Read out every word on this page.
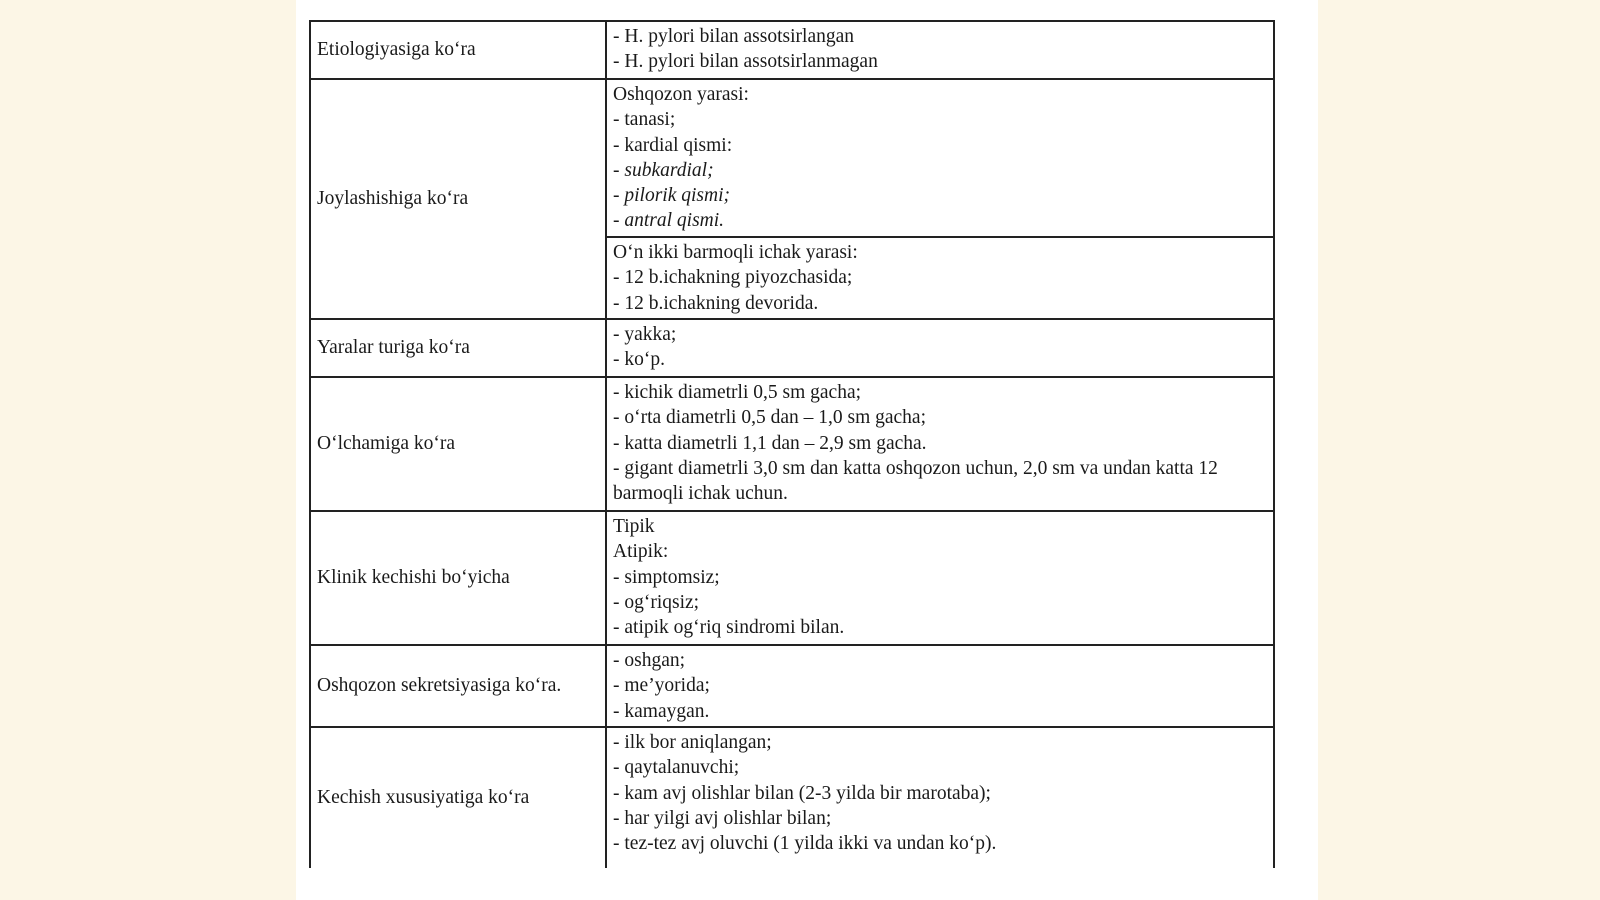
Etiologiyasiga ko‘ra
- H. pylori bilan assotsirlangan
- H. pylori bilan assotsirlanmagan
Joylashishiga ko‘ra
Oshqozon yarasi:
- tanasi;
- kardial qismi:
- subkardial;
- pilorik qismi;
- antral qismi.
O‘n ikki barmoqli ichak yarasi:
- 12 b.ichakning piyozchasida;
- 12 b.ichakning devorida.
Yaralar turiga ko‘ra
- yakka;
- ko‘p.
O‘lchamiga ko‘ra
- kichik diametrli 0,5 sm gacha;
- o‘rta diametrli 0,5 dan – 1,0 sm gacha;
- katta diametrli 1,1 dan – 2,9 sm gacha.
- gigant diametrli 3,0 sm dan katta oshqozon uchun, 2,0 sm va undan katta 12 barmoqli ichak uchun.
Klinik kechishi bo‘yicha
Tipik
Atipik:
- simptomsiz;
- og‘riqsiz;
- atipik og‘riq sindromi bilan.
Oshqozon sekretsiyasiga ko‘ra.
- oshgan;
- me’yorida;
- kamaygan.
Kechish xususiyatiga ko‘ra
- ilk bor aniqlangan;
- qaytalanuvchi;
- kam avj olishlar bilan (2-3 yilda bir marotaba);
- har yilgi avj olishlar bilan;
- tez-tez avj oluvchi (1 yilda ikki va undan ko‘p).
